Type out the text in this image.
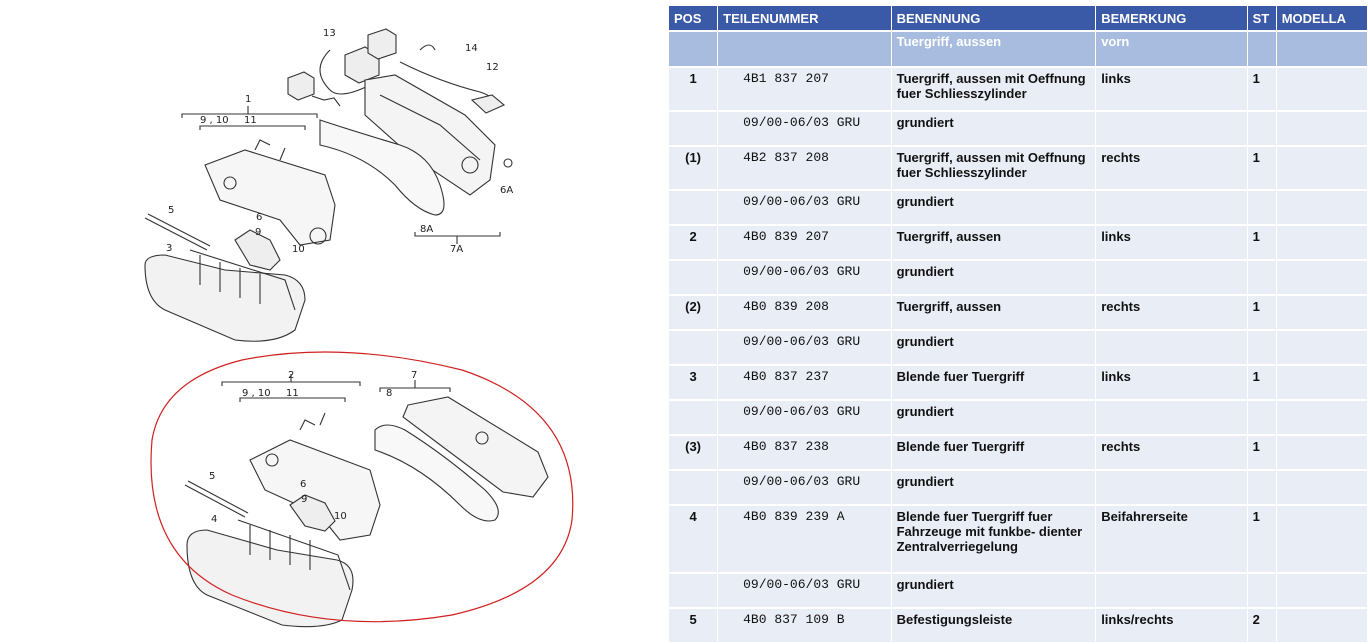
13
14
12
1
9 , 10 11
5
6
3
9
10	7A
8A
6A
2
9 , 10 11
7
8
5
4
6
9
10
POS	TEILENUMMER	BENENNUNG	BEMERKUNG	ST	MODELLA
		Tuergriff, aussen	vorn		
1	4B1 837 207	Tuergriff, aussen mit Oeffnung fuer Schliesszylinder	links	1	
	09/00-06/03 GRU	grundiert			
(1)	4B2 837 208	Tuergriff, aussen mit Oeffnung fuer Schliesszylinder	rechts	1	
	09/00-06/03 GRU	grundiert			
2	4B0 839 207	Tuergriff, aussen	links	1	
	09/00-06/03 GRU	grundiert			
(2)	4B0 839 208	Tuergriff, aussen	rechts	1	
	09/00-06/03 GRU	grundiert			
3	4B0 837 237	Blende fuer Tuergriff	links	1	
	09/00-06/03 GRU	grundiert			
(3)	4B0 837 238	Blende fuer Tuergriff	rechts	1	
	09/00-06/03 GRU	grundiert			
4	4B0 839 239 A	Blende fuer Tuergriff fuer Fahrzeuge mit funkbe- dienter Zentralverriegelung	Beifahrerseite	1	
	09/00-06/03 GRU	grundiert			
5	4B0 837 109 B	Befestigungsleiste	links/rechts	2	
